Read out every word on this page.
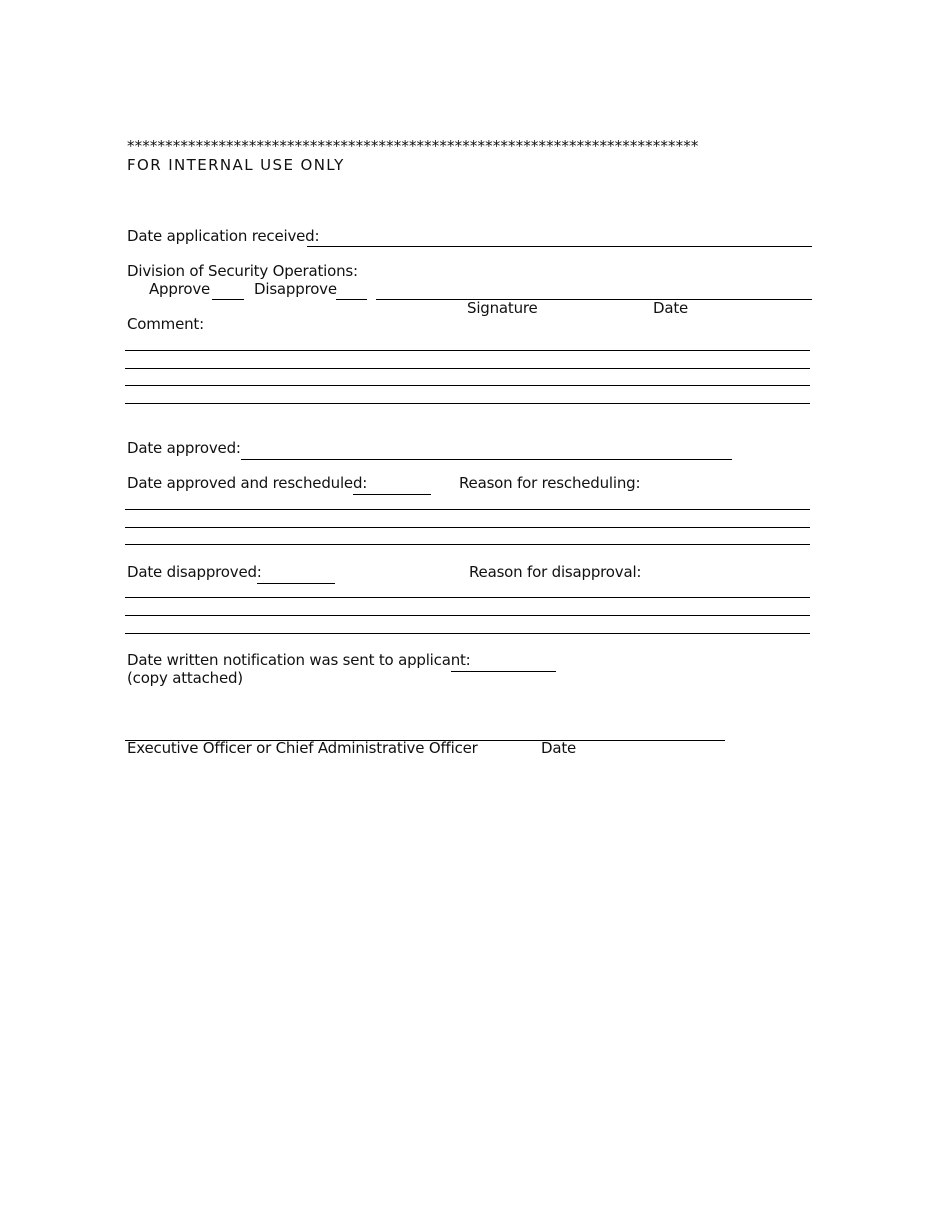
***************************************************************************
FOR INTERNAL USE ONLY
Date application received:
Division of Security Operations:
Approve	Disapprove
Signature	Date
Comment:
Date approved:
Date approved and rescheduled:	Reason for rescheduling:
Date disapproved:	Reason for disapproval:
Date written notification was sent to applicant:
(copy attached)
Executive Officer or Chief Administrative Officer	Date
